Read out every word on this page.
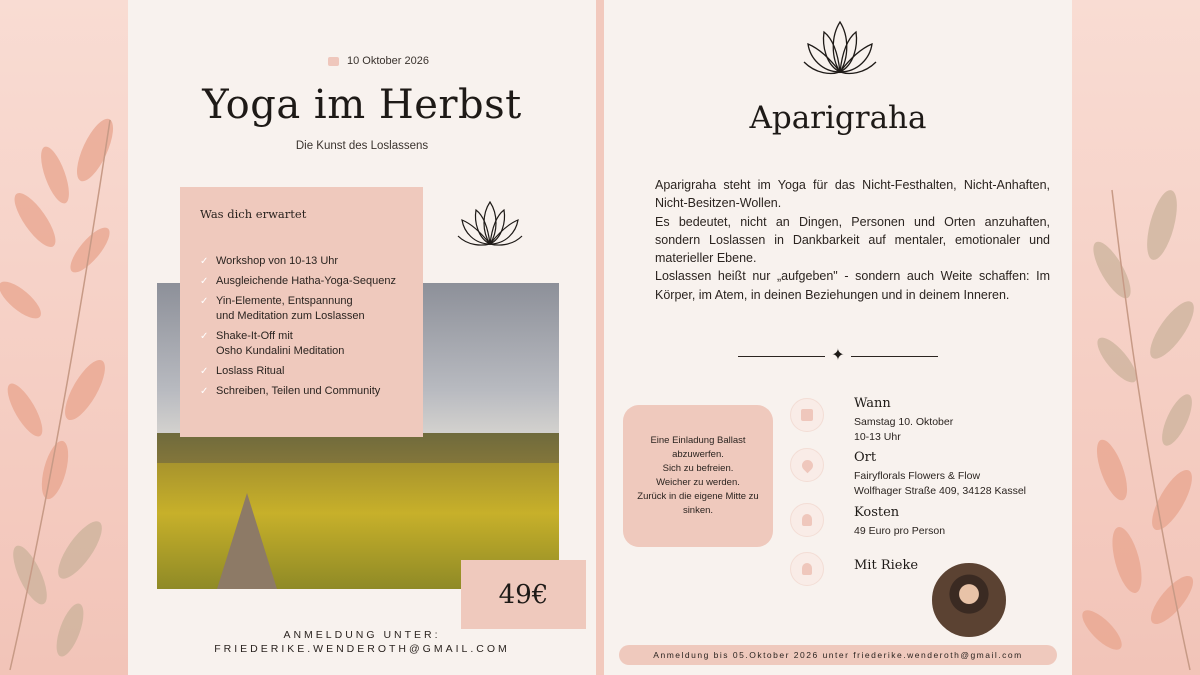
10 Oktober 2026
Yoga im Herbst
Die Kunst des Loslassens
Was dich erwartet
✓ Workshop von 10-13 Uhr
✓ Ausgleichende Hatha-Yoga-Sequenz
✓ Yin-Elemente, Entspannung
und Meditation zum Loslassen
✓ Shake-It-Off mit
Osho Kundalini Meditation
✓ Loslass Ritual
✓ Schreiben, Teilen und Community
49€
ANMELDUNG UNTER:
FRIEDERIKE.WENDEROTH@GMAIL.COM
Aparigraha

Aparigraha steht im Yoga für das Nicht-Festhalten, Nicht-Anhaften, Nicht-Besitzen-Wollen.

Es bedeutet, nicht an Dingen, Personen und Orten anzuhaften, sondern Loslassen in Dankbarkeit auf mentaler, emotionaler und materieller Ebene.

Loslassen heißt nur „aufgeben" - sondern auch Weite schaffen: Im Körper, im Atem, in deinen Beziehungen und in deinem Inneren.

✦
Eine Einladung Ballast
abzuwerfen.
Sich zu befreien.
Weicher zu werden.
Zurück in die eigene Mitte zu
sinken.
Wann
Samstag 10. Oktober
10-13 Uhr
Ort
Fairyflorals Flowers & Flow
Wolfhager Straße 409, 34128 Kassel
Kosten
49 Euro pro Person
Mit Rieke
Anmeldung bis 05.Oktober 2026 unter friederike.wenderoth@gmail.com
